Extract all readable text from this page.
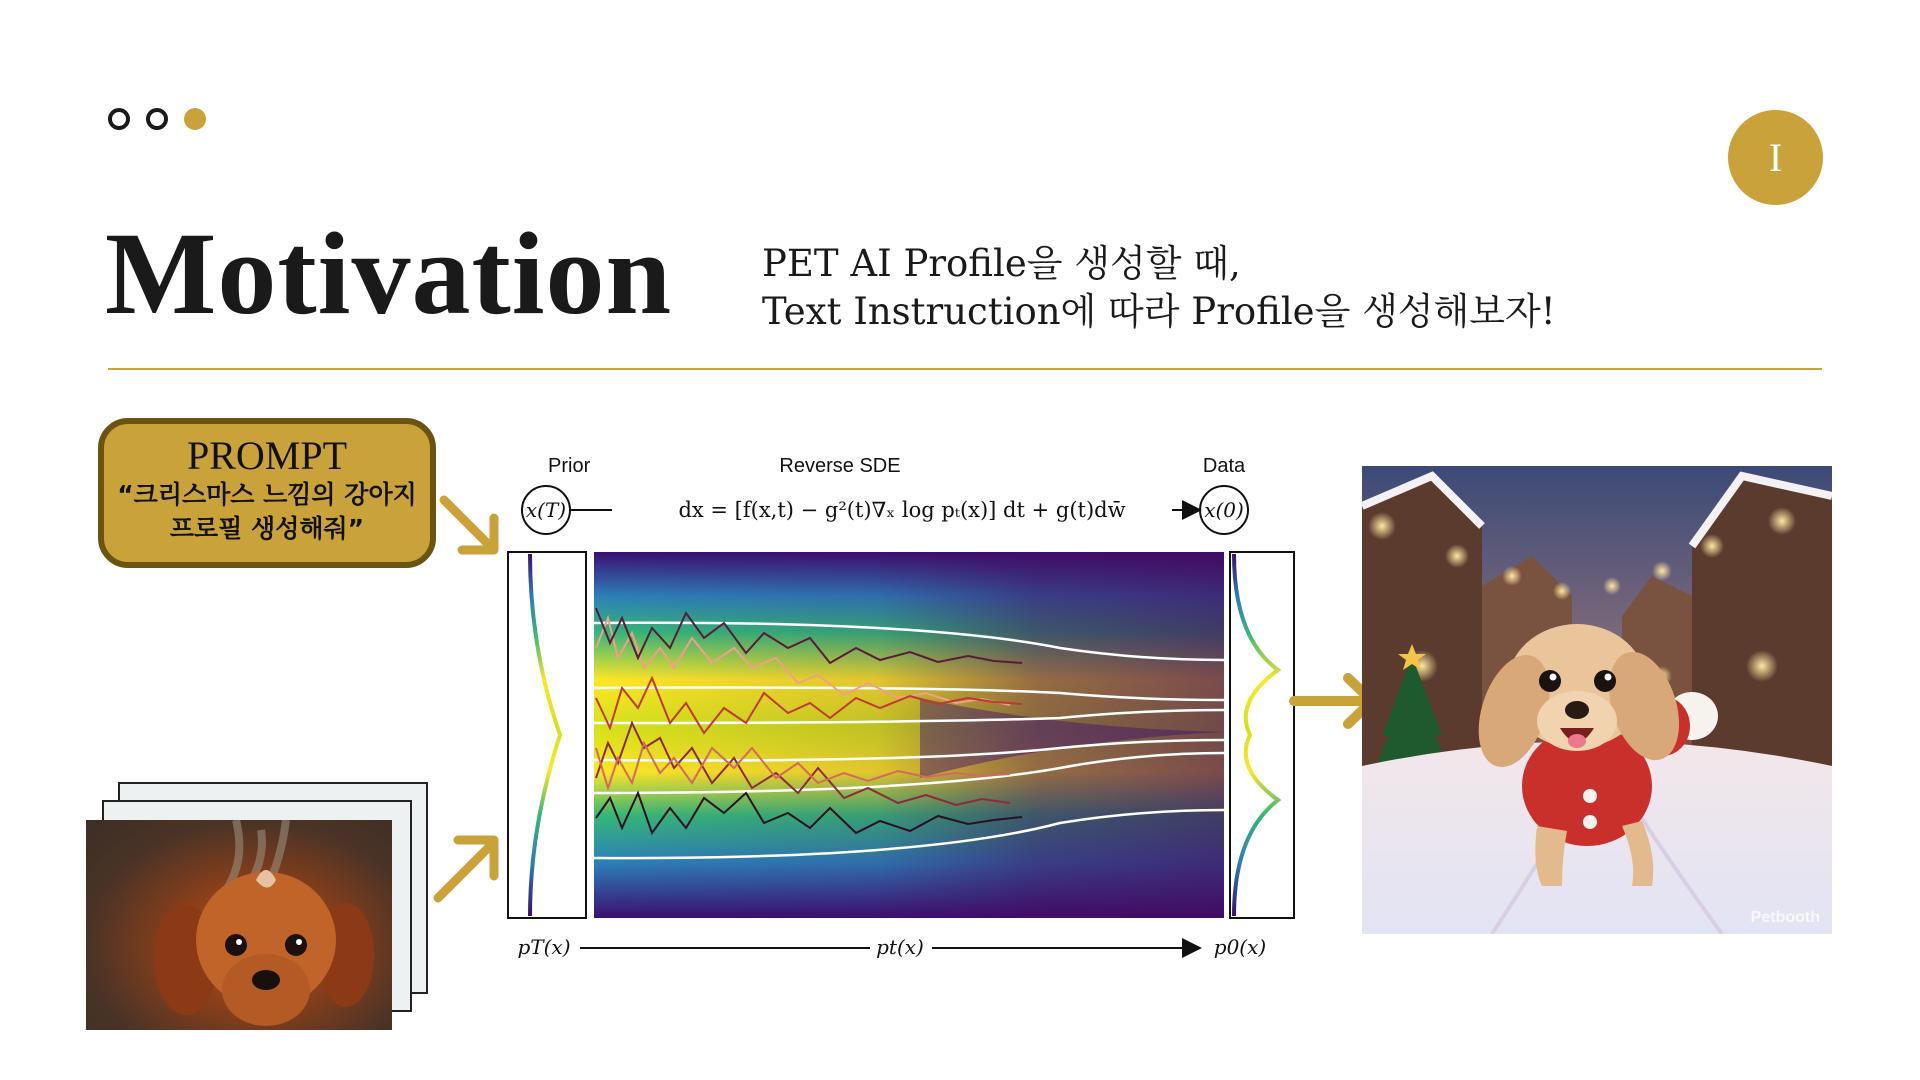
I
Motivation PET AI Profile을 생성할 때,
Text Instruction에 따라 Profile을 생성해보자!
PROMPT
“크리스마스 느낌의 강아지
프로필 생성해줘”
Prior	Reverse SDE	Data
x(T)	dx = [f(x,t) − g²(t)∇ₓ log pₜ(x)] dt + g(t)dw̄	x(0)
pT(x)	pt(x)	p0(x)
Petbooth
